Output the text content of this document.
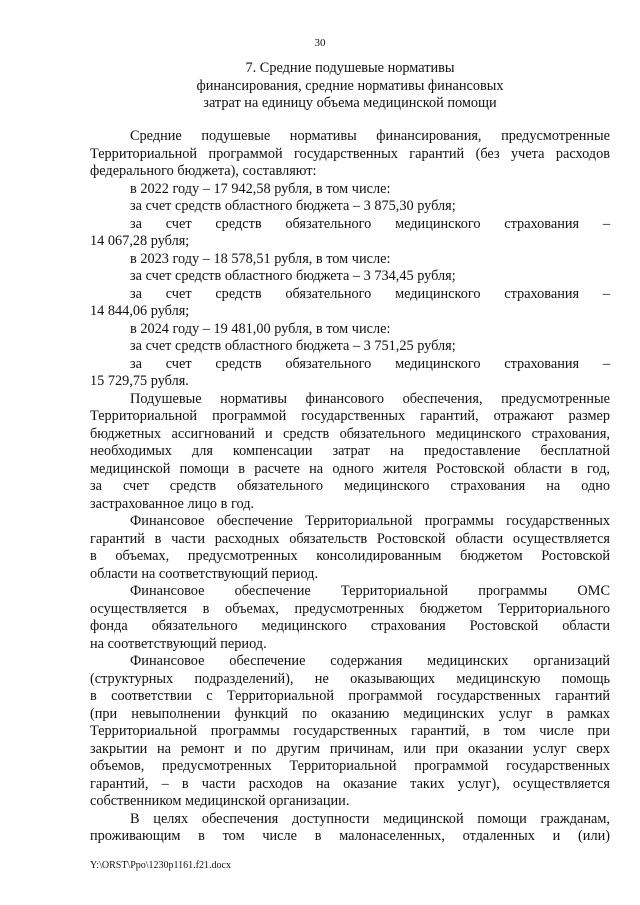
30
7. Средние подушевые нормативы
финансирования, средние нормативы финансовых
затрат на единицу объема медицинской помощи
Средние подушевые нормативы финансирования, предусмотренные
Территориальной программой государственных гарантий (без учета расходов
федерального бюджета), составляют:
в 2022 году – 17 942,58 рубля, в том числе:
за счет средств областного бюджета – 3 875,30 рубля;
за счет средств обязательного медицинского страхования –
14 067,28 рубля;
в 2023 году – 18 578,51 рубля, в том числе:
за счет средств областного бюджета – 3 734,45 рубля;
за счет средств обязательного медицинского страхования –
14 844,06 рубля;
в 2024 году – 19 481,00 рубля, в том числе:
за счет средств областного бюджета – 3 751,25 рубля;
за счет средств обязательного медицинского страхования –
15 729,75 рубля.
Подушевые нормативы финансового обеспечения, предусмотренные
Территориальной программой государственных гарантий, отражают размер
бюджетных ассигнований и средств обязательного медицинского страхования,
необходимых для компенсации затрат на предоставление бесплатной
медицинской помощи в расчете на одного жителя Ростовской области в год,
за счет средств обязательного медицинского страхования на одно
застрахованное лицо в год.
Финансовое обеспечение Территориальной программы государственных
гарантий в части расходных обязательств Ростовской области осуществляется
в объемах, предусмотренных консолидированным бюджетом Ростовской
области на соответствующий период.
Финансовое обеспечение Территориальной программы ОМС
осуществляется в объемах, предусмотренных бюджетом Территориального
фонда обязательного медицинского страхования Ростовской области
на соответствующий период.
Финансовое обеспечение содержания медицинских организаций
(структурных подразделений), не оказывающих медицинскую помощь
в соответствии с Территориальной программой государственных гарантий
(при невыполнении функций по оказанию медицинских услуг в рамках
Территориальной программы государственных гарантий, в том числе при
закрытии на ремонт и по другим причинам, или при оказании услуг сверх
объемов, предусмотренных Территориальной программой государственных
гарантий, – в части расходов на оказание таких услуг), осуществляется
собственником медицинской организации.
В целях обеспечения доступности медицинской помощи гражданам,
проживающим в том числе в малонаселенных, отдаленных и (или)
Y:\ORST\Ppo\1230p1161.f21.docx
